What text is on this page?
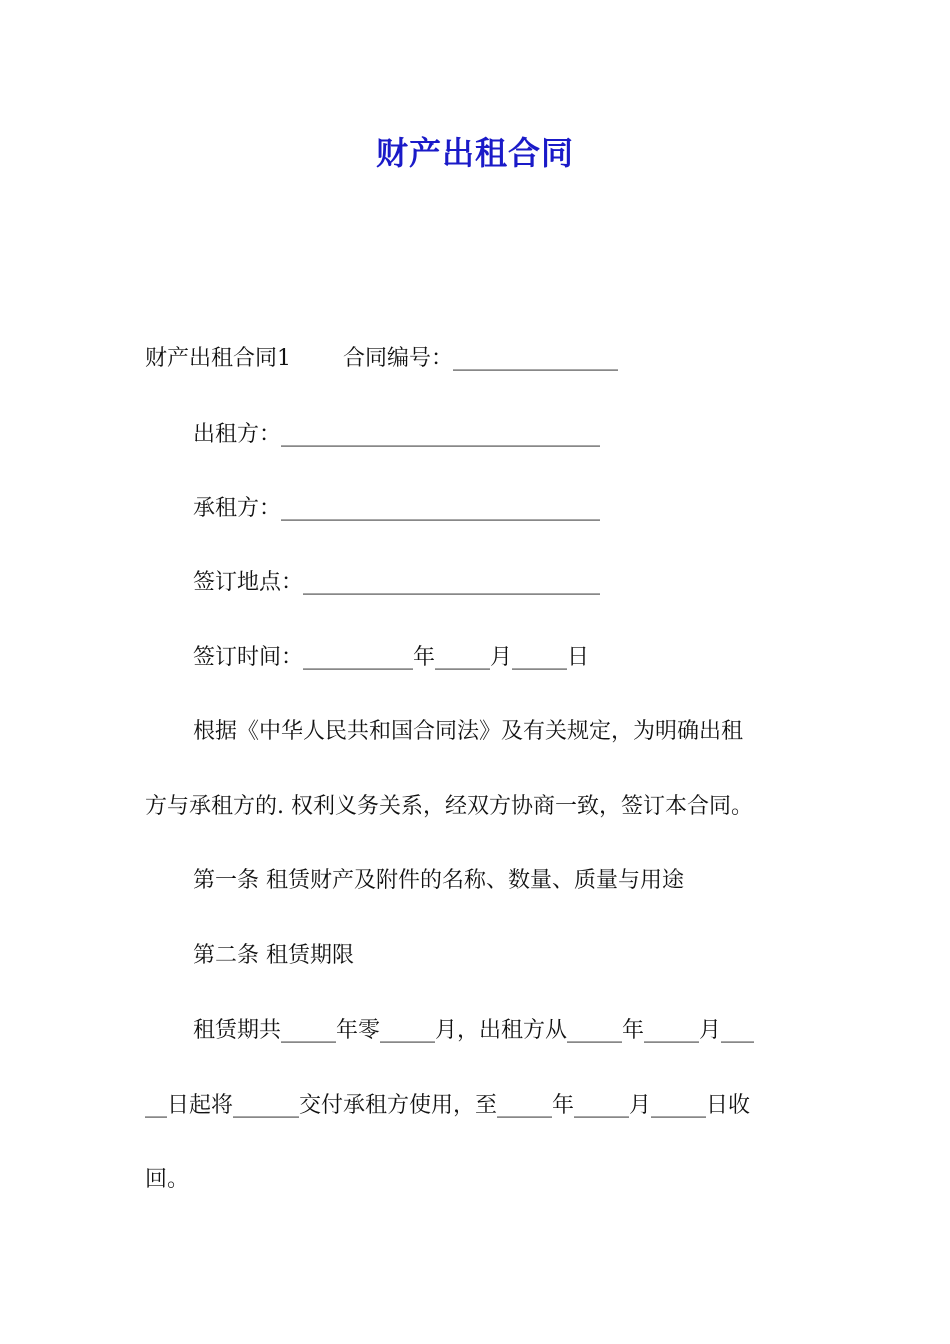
财产出租合同

财产出租合同1 合同编号：_______________

出租方：_____________________________

承租方：_____________________________

签订地点：___________________________

签订时间：__________年_____月_____日

根据《中华人民共和国合同法》及有关规定，为明确出租

方与承租方的. 权利义务关系，经双方协商一致，签订本合同。

第一条 租赁财产及附件的名称、数量、质量与用途

第二条 租赁期限

租赁期共_____年零_____月，出租方从_____年_____月___

__日起将______交付承租方使用，至_____年_____月_____日收

回。
